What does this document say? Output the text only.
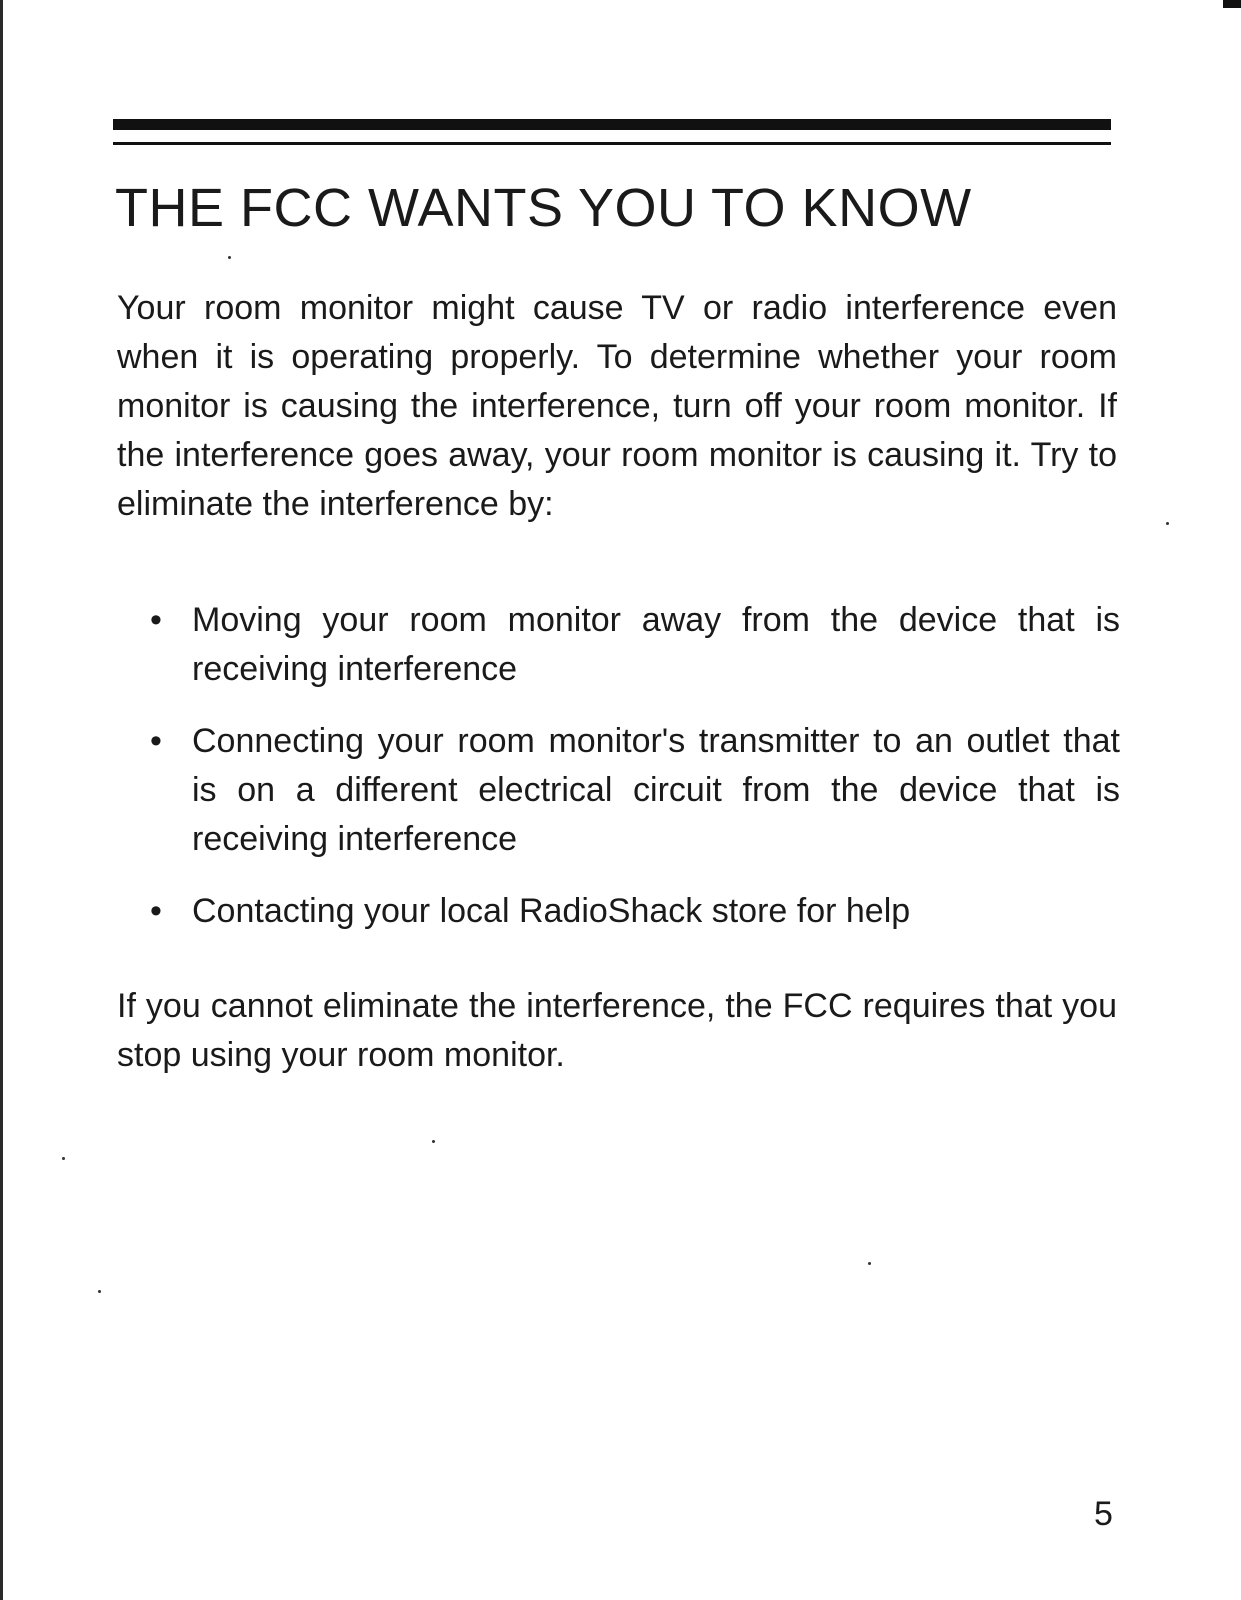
THE FCC WANTS YOU TO KNOW

Your room monitor might cause TV or radio interference even when it is operating properly. To determine whether your room monitor is causing the interference, turn off your room monitor. If the interference goes away, your room monitor is causing it. Try to eliminate the interference by:

• Moving your room monitor away from the device that is receiving interference
• Connecting your room monitor's transmitter to an outlet that is on a different electrical circuit from the device that is receiving interference
• Contacting your local RadioShack store for help

If you cannot eliminate the interference, the FCC requires that you stop using your room monitor.

5
